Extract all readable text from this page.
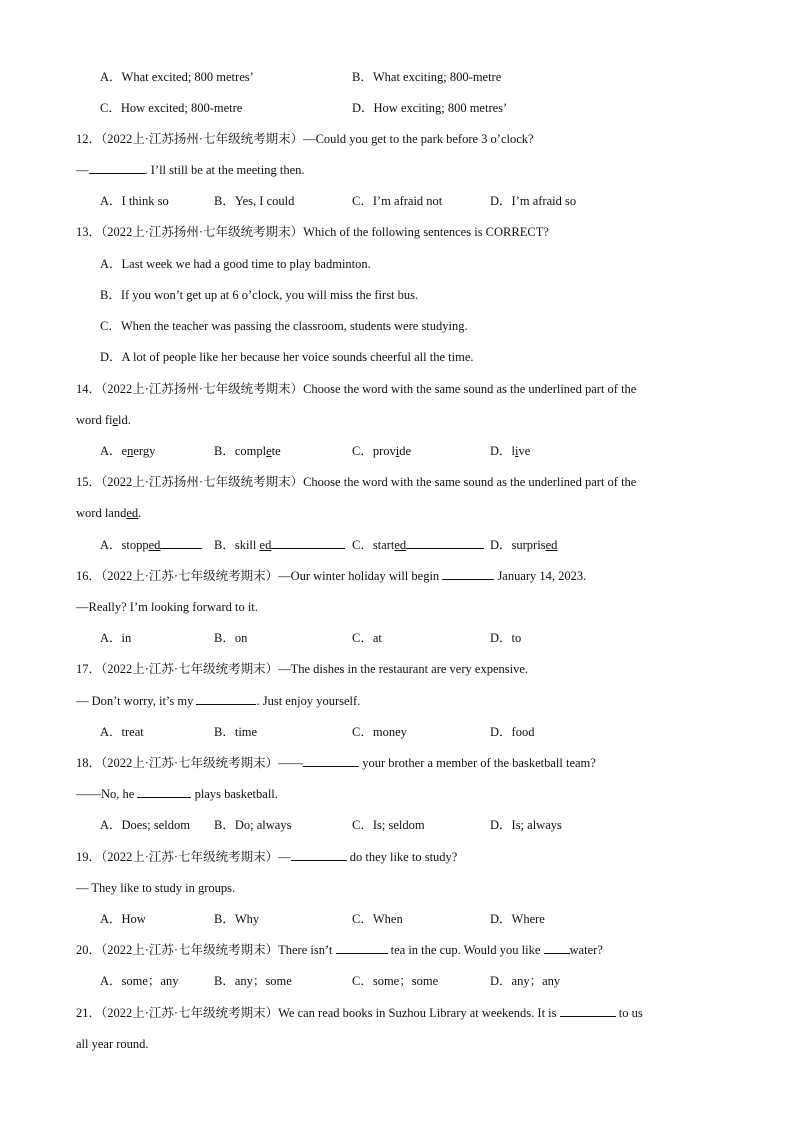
A．What excited; 800 metres’	B．What exciting; 800-metre
C．How excited; 800-metre	D．How exciting; 800 metres’
12．（2022上·江苏扬州·七年级统考期末）—Could you get to the park before 3 o’clock?
—	. I’ll still be at the meeting then.
A．I think so	B．Yes, I could	C．I’m afraid not	D．I’m afraid so
13．（2022上·江苏扬州·七年级统考期末）Which of the following sentences is CORRECT?
A．Last week we had a good time to play badminton.
B．If you won’t get up at 6 o’clock, you will miss the first bus.
C．When the teacher was passing the classroom, students were studying.
D．A lot of people like her because her voice sounds cheerful all the time.
14．（2022上·江苏扬州·七年级统考期末）Choose the word with the same sound as the underlined part of the
word field.
A．energy	B．complete	C．provide	D．live
15．（2022上·江苏扬州·七年级统考期末）Choose the word with the same sound as the underlined part of the
word landed.
A．stopped	B．skill ed	C．started	D．surprised
16．（2022上·江苏·七年级统考期末）—Our winter holiday will begin	January 14, 2023.
—Really? I’m looking forward to it.
A．in	B．on	C．at	D．to
17．（2022上·江苏·七年级统考期末）—The dishes in the restaurant are very expensive.
— Don’t worry, it’s my	. Just enjoy yourself.
A．treat	B．time	C．money	D．food
18．（2022上·江苏·七年级统考期末）——	your brother a member of the basketball team?
——No, he	plays basketball.
A．Does; seldom B．Do; always	C．Is; seldom	D．Is; always
19．（2022上·江苏·七年级统考期末）—	do they like to study?
— They like to study in groups.
A．How	B．Why	C．When	D．Where
20．（2022上·江苏·七年级统考期末）There isn’t	tea in the cup. Would you like water?
A．some；any	B．any；some	C．some；some	D．any；any
21．（2022上·江苏·七年级统考期末）We can read books in Suzhou Library at weekends. It is	to us
all year round.
